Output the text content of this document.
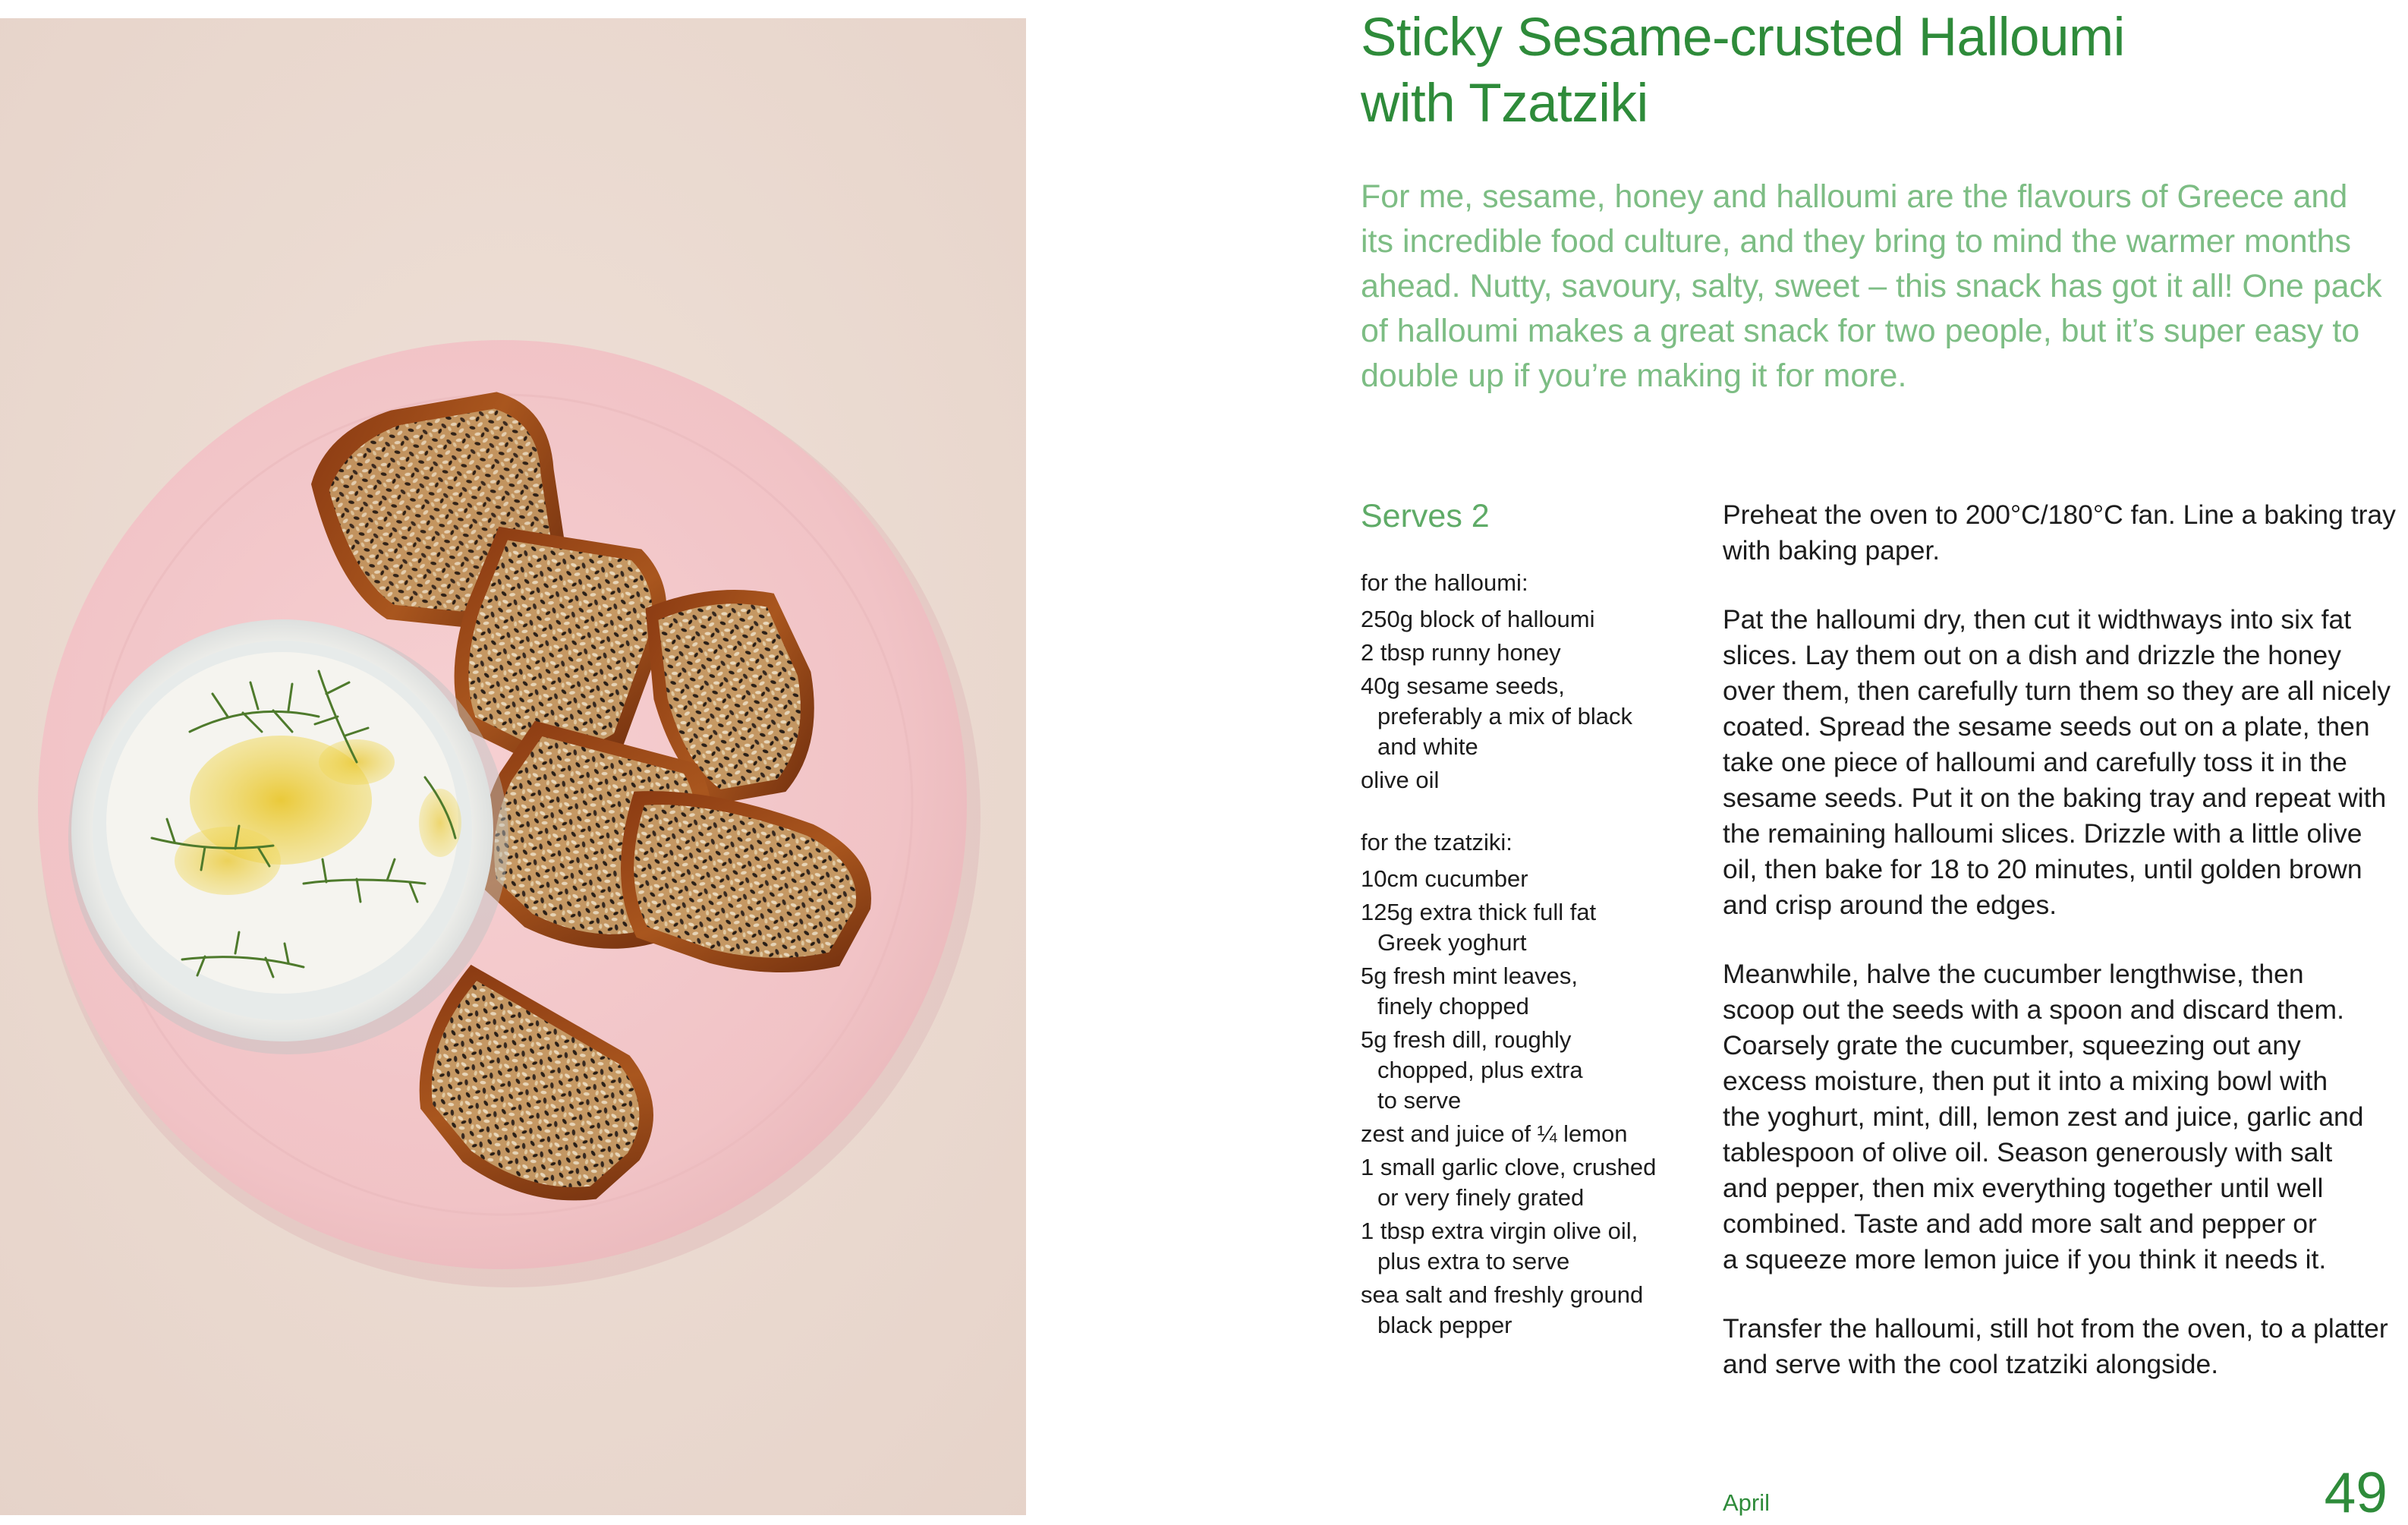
Sticky Sesame-crusted Halloumi
with Tzatziki

For me, sesame, honey and halloumi are the flavours of Greece and
its incredible food culture, and they bring to mind the warmer months
ahead. Nutty, savoury, salty, sweet – this snack has got it all! One pack
of halloumi makes a great snack for two people, but it’s super easy to
double up if you’re making it for more.

Serves 2

for the halloumi:
250g block of halloumi
2 tbsp runny honey
40g sesame seeds,
preferably a mix of black
and white
olive oil
for the tzatziki:
10cm cucumber
125g extra thick full fat
Greek yoghurt
5g fresh mint leaves,
finely chopped
5g fresh dill, roughly
chopped, plus extra
to serve
zest and juice of ¼ lemon
1 small garlic clove, crushed
or very finely grated
1 tbsp extra virgin olive oil,
plus extra to serve
sea salt and freshly ground
black pepper

Preheat the oven to 200°C/180°C fan. Line a baking tray
with baking paper.

Pat the halloumi dry, then cut it widthways into six fat
slices. Lay them out on a dish and drizzle the honey
over them, then carefully turn them so they are all nicely
coated. Spread the sesame seeds out on a plate, then
take one piece of halloumi and carefully toss it in the
sesame seeds. Put it on the baking tray and repeat with
the remaining halloumi slices. Drizzle with a little olive
oil, then bake for 18 to 20 minutes, until golden brown
and crisp around the edges.

Meanwhile, halve the cucumber lengthwise, then
scoop out the seeds with a spoon and discard them.
Coarsely grate the cucumber, squeezing out any
excess moisture, then put it into a mixing bowl with
the yoghurt, mint, dill, lemon zest and juice, garlic and
tablespoon of olive oil. Season generously with salt
and pepper, then mix everything together until well
combined. Taste and add more salt and pepper or
a squeeze more lemon juice if you think it needs it.

Transfer the halloumi, still hot from the oven, to a platter
and serve with the cool tzatziki alongside.

April	49
